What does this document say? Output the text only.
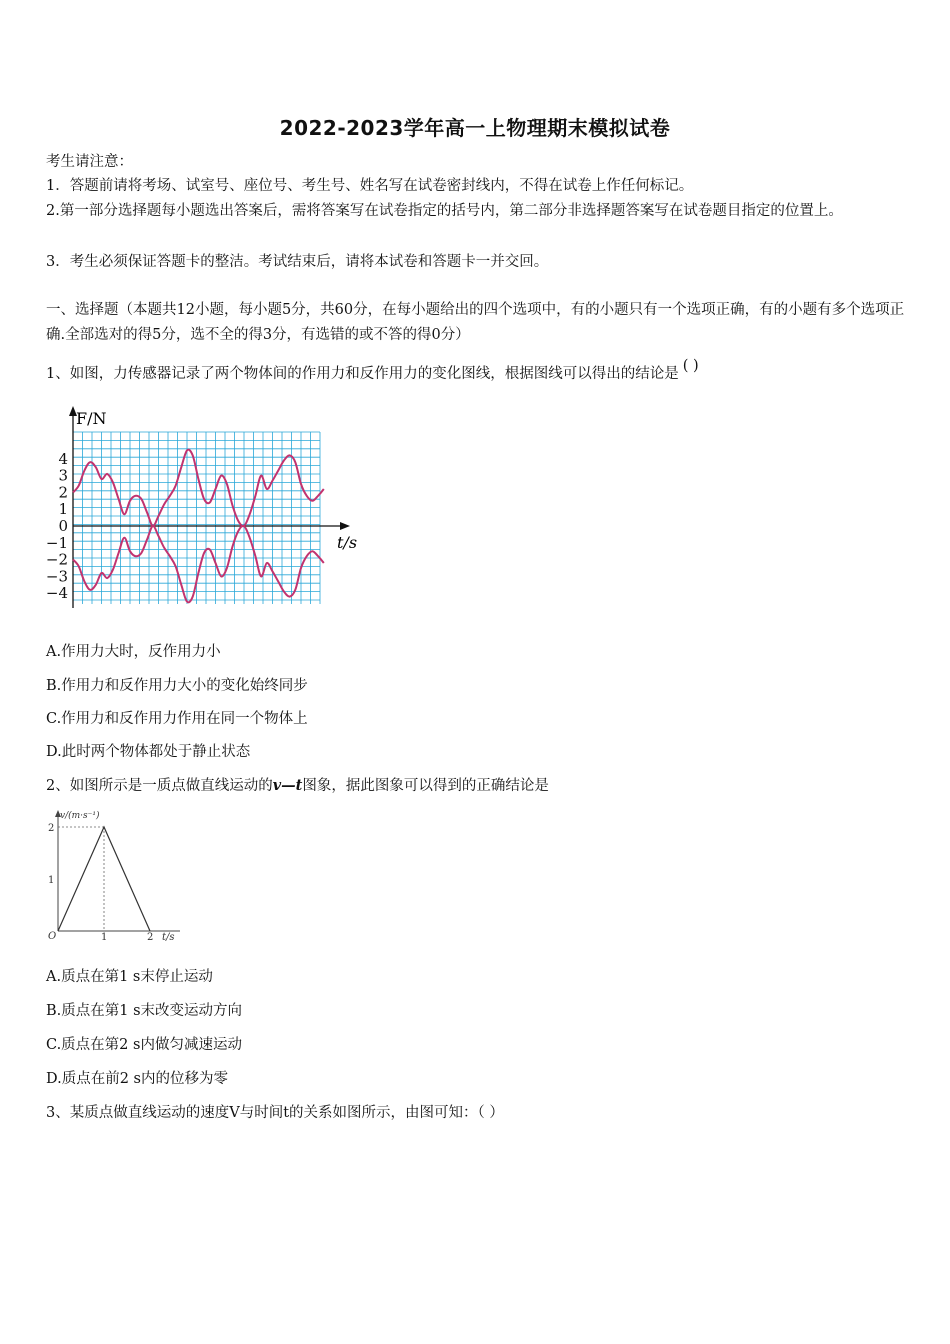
2022-2023学年高一上物理期末模拟试卷
考生请注意：
1．答题前请将考场、试室号、座位号、考生号、姓名写在试卷密封线内，不得在试卷上作任何标记。
2.第一部分选择题每小题选出答案后，需将答案写在试卷指定的括号内，第二部分非选择题答案写在试卷题目指定的位置上。
3．考生必须保证答题卡的整洁。考试结束后，请将本试卷和答题卡一并交回。
一、选择题（本题共12小题，每小题5分，共60分，在每小题给出的四个选项中，有的小题只有一个选项正确，有的小题有多个选项正确.全部选对的得5分，选不全的得3分，有选错的或不答的得0分）
1、如图，力传感器记录了两个物体间的作用力和反作用力的变化图线，根据图线可以得出的结论是 ( )
4
3
2
1
0
−1
−2
−3
−4
F/N
t/s
A.作用力大时，反作用力小
B.作用力和反作用力大小的变化始终同步
C.作用力和反作用力作用在同一个物体上
D.此时两个物体都处于静止状态
2、如图所示是一质点做直线运动的v—t图象，据此图象可以得到的正确结论是
v/(m·s⁻¹)
t/s
O
2
1
1	2
A.质点在第1 s末停止运动
B.质点在第1 s末改变运动方向
C.质点在第2 s内做匀减速运动
D.质点在前2 s内的位移为零
3、某质点做直线运动的速度V与时间t的关系如图所示，由图可知：（ ）
